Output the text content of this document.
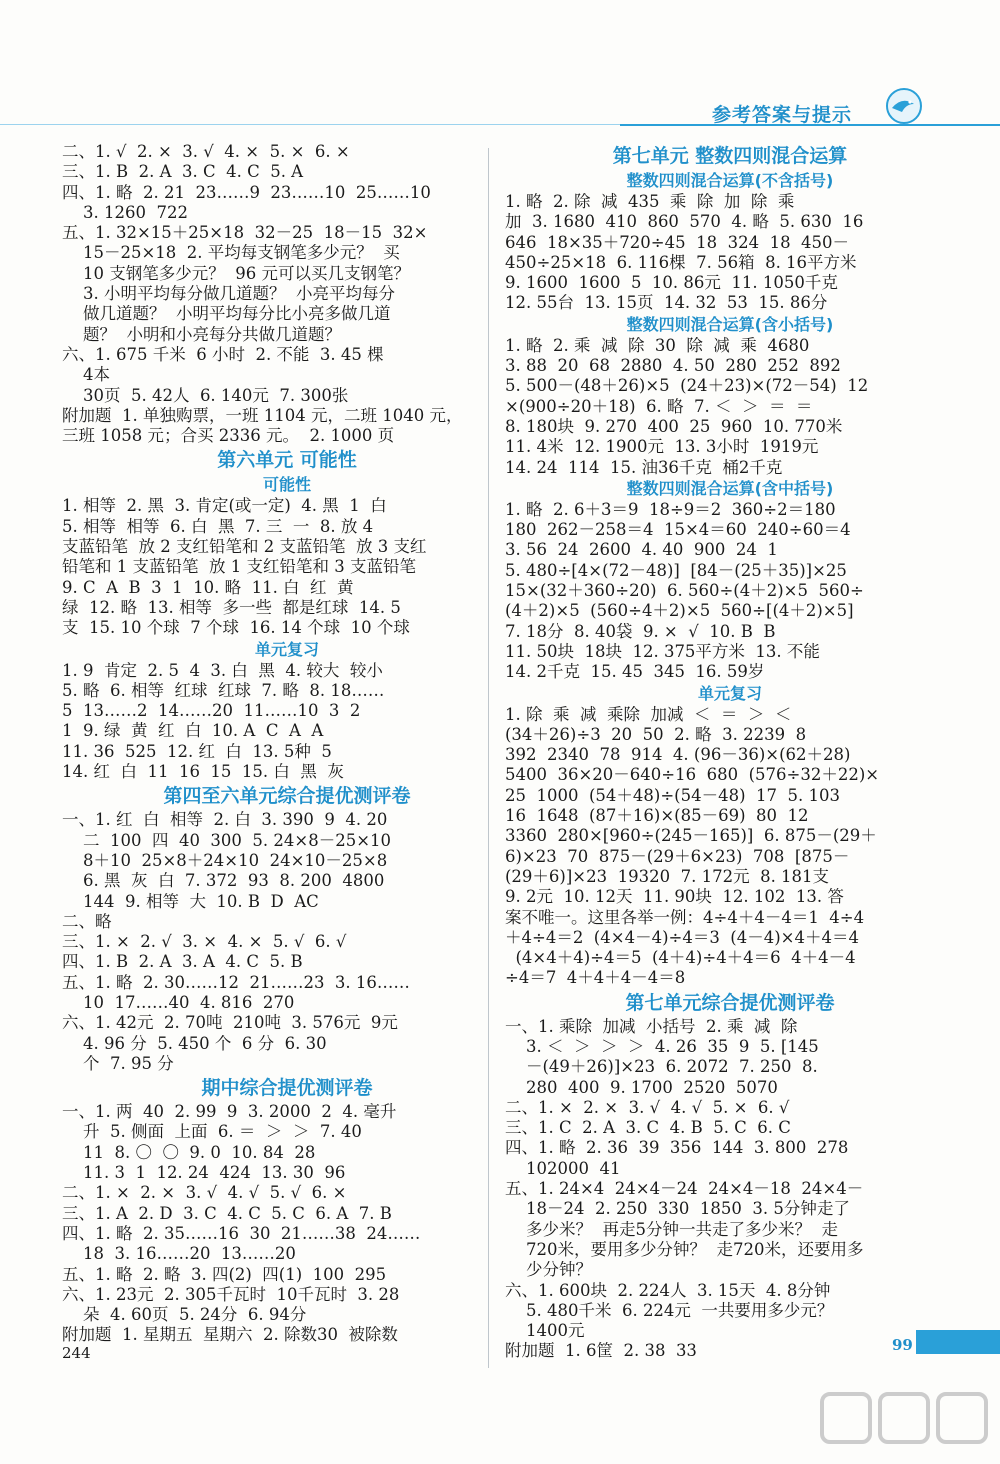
参考答案与提示
二、1. √  2. ×  3. √  4. ×  5. ×  6. ×
三、1. B  2. A  3. C  4. C  5. A
四、1. 略  2. 21  23……9  23……10  25……10
3. 1260  722
五、1. 32×15＋25×18  32－25  18－15  32×
15－25×18  2. 平均每支钢笔多少元？  买
10 支钢笔多少元？  96 元可以买几支钢笔？
3. 小明平均每分做几道题？  小亮平均每分
做几道题？  小明平均每分比小亮多做几道
题？  小明和小亮每分共做几道题？
六、1. 675 千米  6 小时  2. 不能  3. 45 棵
4本
30页  5. 42人  6. 140元  7. 300张
附加题  1. 单独购票，一班 1104 元，二班 1040 元，
三班 1058 元；合买 2336 元。  2. 1000 页
第六单元 可能性
可能性
1. 相等  2. 黑  3. 肯定(或一定)  4. 黑  1  白
5. 相等  相等  6. 白  黑  7. 三  一  8. 放 4
支蓝铅笔  放 2 支红铅笔和 2 支蓝铅笔  放 3 支红
铅笔和 1 支蓝铅笔  放 1 支红铅笔和 3 支蓝铅笔
9. C  A  B  3  1  10. 略  11. 白  红  黄
绿  12. 略  13. 相等  多一些  都是红球  14. 5
支  15. 10 个球  7 个球  16. 14 个球  10 个球
单元复习
1. 9  肯定  2. 5  4  3. 白  黑  4. 较大  较小
5. 略  6. 相等  红球  红球  7. 略  8. 18……
5  13……2  14……20  11……10  3  2
1  9. 绿  黄  红  白  10. A  C  A  A
11. 36  525  12. 红  白  13. 5种  5
14. 红  白  11  16  15  15. 白  黑  灰
第四至六单元综合提优测评卷
一、1. 红  白  相等  2. 白  3. 390  9  4. 20
二  100  四  40  300  5. 24×8－25×10
8＋10  25×8＋24×10  24×10－25×8
6. 黑  灰  白  7. 372  93  8. 200  4800
144  9. 相等  大  10. B  D  AC
二、略
三、1. ×  2. √  3. ×  4. ×  5. √  6. √
四、1. B  2. A  3. A  4. C  5. B
五、1. 略  2. 30……12  21……23  3. 16……
10  17……40  4. 816  270
六、1. 42元  2. 70吨  210吨  3. 576元  9元
4. 96 分  5. 450 个  6 分  6. 30
个  7. 95 分
期中综合提优测评卷
一、1. 两  40  2. 99  9  3. 2000  2  4. 毫升
升  5. 侧面  上面  6. ＝  ＞  ＞  7. 40
11  8. 〇  〇  9. 0  10. 84  28
11. 3  1  12. 24  424  13. 30  96
二、1. ×  2. ×  3. √  4. √  5. √  6. ×
三、1. A  2. D  3. C  4. C  5. C  6. A  7. B
四、1. 略  2. 35……16  30  21……38  24……
18  3. 16……20  13……20
五、1. 略  2. 略  3. 四(2)  四(1)  100  295
六、1. 23元  2. 305千瓦时  10千瓦时  3. 28
朵  4. 60页  5. 24分  6. 94分
附加题  1. 星期五  星期六  2. 除数30  被除数
第七单元 整数四则混合运算
整数四则混合运算(不含括号)
1. 略  2. 除  减  435  乘  除  加  除  乘
加  3. 1680  410  860  570  4. 略  5. 630  16
646  18×35＋720÷45  18  324  18  450－
450÷25×18  6. 116棵  7. 56箱  8. 16平方米
9. 1600  1600  5  10. 86元  11. 1050千克
12. 55台  13. 15页  14. 32  53  15. 86分
整数四则混合运算(含小括号)
1. 略  2. 乘  减  除  30  除  减  乘  4680
3. 88  20  68  2880  4. 50  280  252  892
5. 500－(48＋26)×5  (24＋23)×(72－54)  12
×(900÷20＋18)  6. 略  7. ＜  ＞  ＝  ＝
8. 180块  9. 270  400  25  960  10. 770米
11. 4米  12. 1900元  13. 3小时  1919元
14. 24  114  15. 油36千克  桶2千克
整数四则混合运算(含中括号)
1. 略  2. 6＋3＝9  18÷9＝2  360÷2＝180
180  262－258＝4  15×4＝60  240÷60＝4
3. 56  24  2600  4. 40  900  24  1
5. 480÷[4×(72－48)]  [84－(25＋35)]×25
15×(32＋360÷20)  6. 560÷(4＋2)×5  560÷
(4＋2)×5  (560÷4＋2)×5  560÷[(4＋2)×5]
7. 18分  8. 40袋  9. ×  √  10. B  B
11. 50块  18块  12. 375平方米  13. 不能
14. 2千克  15. 45  345  16. 59岁
单元复习
1. 除  乘  减  乘除  加减  ＜  ＝  ＞  ＜
(34＋26)÷3  20  50  2. 略  3. 2239  8
392  2340  78  914  4. (96－36)×(62＋28)
5400  36×20－640÷16  680  (576÷32＋22)×
25  1000  (54＋48)÷(54－48)  17  5. 103
16  1648  (87＋16)×(85－69)  80  12
3360  280×[960÷(245－165)]  6. 875－(29＋
6)×23  70  875－(29＋6×23)  708  [875－
(29＋6)]×23  19320  7. 172元  8. 181支
9. 2元  10. 12天  11. 90块  12. 102  13. 答
案不唯一。这里各举一例：4÷4＋4－4＝1  4÷4
＋4÷4＝2  (4×4－4)÷4＝3  (4－4)×4＋4＝4
(4×4＋4)÷4＝5  (4＋4)÷4＋4＝6  4＋4－4
÷4＝7  4＋4＋4－4＝8
第七单元综合提优测评卷
一、1. 乘除  加减  小括号  2. 乘  减  除
3. ＜  ＞  ＞  ＞  4. 26  35  9  5. [145
－(49＋26)]×23  6. 2072  7. 250  8.
280  400  9. 1700  2520  5070
二、1. ×  2. ×  3. √  4. √  5. ×  6. √
三、1. C  2. A  3. C  4. B  5. C  6. C
四、1. 略  2. 36  39  356  144  3. 800  278
102000  41
五、1. 24×4  24×4－24  24×4－18  24×4－
18－24  2. 250  330  1850  3. 5分钟走了
多少米？  再走5分钟一共走了多少米？  走
720米，要用多少分钟？  走720米，还要用多
少分钟？
六、1. 600块  2. 224人  3. 15天  4. 8分钟
5. 480千米  6. 224元  一共要用多少元？
1400元
附加题  1. 6筐  2. 38  33
244	99
